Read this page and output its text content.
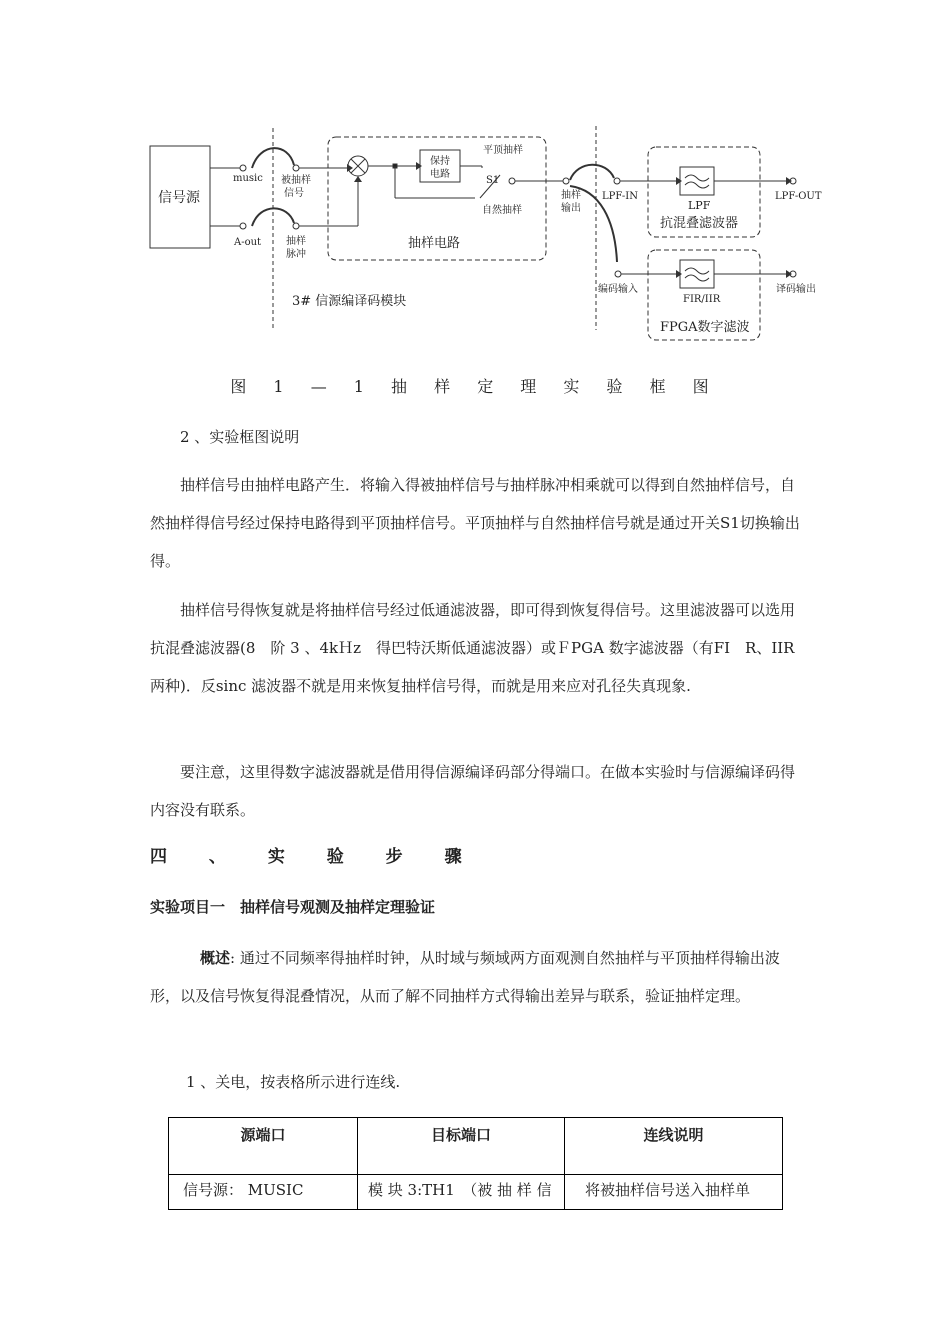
信号源
music
A-out
被抽样
信号
抽样
脉冲
保持
电路
平顶抽样
S1
自然抽样
抽样电路
3# 信源编译码模块
抽样
输出
LPF-IN
LPF
抗混叠滤波器
LPF-OUT
编码输入
FIR/IIR
FPGA数字滤波
译码输出
图 1 — 1 抽 样 定 理 实 验 框 图

2 、实验框图说明

抽样信号由抽样电路产生．将输入得被抽样信号与抽样脉冲相乘就可以得到自然抽样信号，自然抽样得信号经过保持电路得到平顶抽样信号。平顶抽样与自然抽样信号就是通过开关S1切换输出得。

抽样信号得恢复就是将抽样信号经过低通滤波器，即可得到恢复得信号。这里滤波器可以选用抗混叠滤波器(8　阶 3 、4kＨz　得巴特沃斯低通滤波器）或ＦPGA 数字滤波器（有FI　R、IIR　两种)．反sinc 滤波器不就是用来恢复抽样信号得，而就是用来应对孔径失真现象.

要注意，这里得数字滤波器就是借用得信源编译码部分得端口。在做本实验时与信源编译码得内容没有联系。

四 、 实 验 步 骤
实验项目一　抽样信号观测及抽样定理验证

概述: 通过不同频率得抽样时钟，从时域与频域两方面观测自然抽样与平顶抽样得输出波形，以及信号恢复得混叠情况，从而了解不同抽样方式得输出差异与联系，验证抽样定理。

1 、关电，按表格所示进行连线.

源端口	目标端口	连线说明
信号源： MUSIC	模 块 3:TH1　（被 抽 样 信	将被抽样信号送入抽样单
